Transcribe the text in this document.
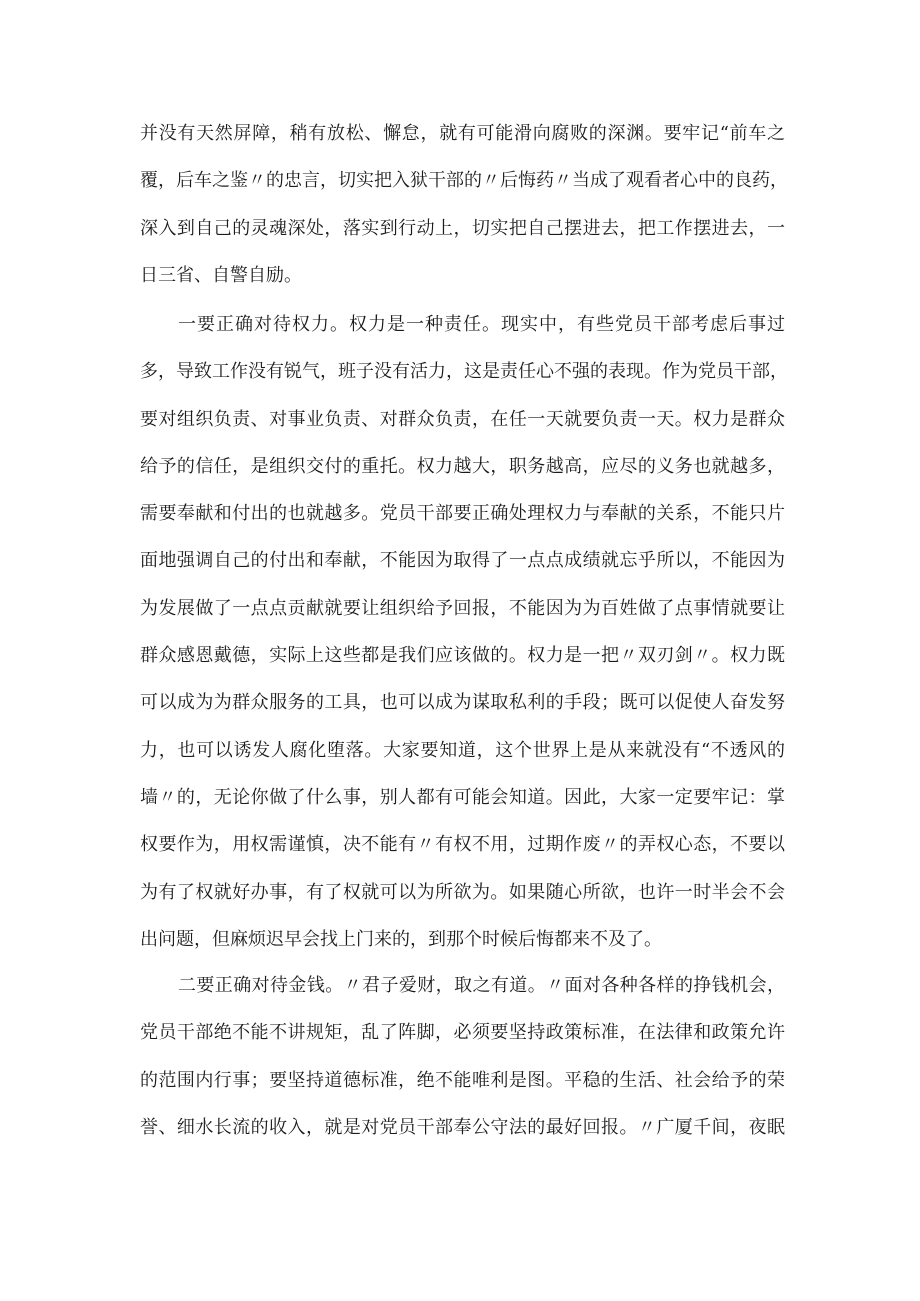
并没有天然屏障，稍有放松、懈怠，就有可能滑向腐败的深渊。要牢记“前车之
覆，后车之鉴〃的忠言，切实把入狱干部的〃后悔药〃当成了观看者心中的良药，
深入到自己的灵魂深处，落实到行动上，切实把自己摆进去，把工作摆进去，一
日三省、自警自励。
一要正确对待权力。权力是一种责任。现实中，有些党员干部考虑后事过
多，导致工作没有锐气，班子没有活力，这是责任心不强的表现。作为党员干部，
要对组织负责、对事业负责、对群众负责，在任一天就要负责一天。权力是群众
给予的信任，是组织交付的重托。权力越大，职务越高，应尽的义务也就越多，
需要奉献和付出的也就越多。党员干部要正确处理权力与奉献的关系，不能只片
面地强调自己的付出和奉献，不能因为取得了一点点成绩就忘乎所以，不能因为
为发展做了一点点贡献就要让组织给予回报，不能因为为百姓做了点事情就要让
群众感恩戴德，实际上这些都是我们应该做的。权力是一把〃双刃剑〃。权力既
可以成为为群众服务的工具，也可以成为谋取私利的手段；既可以促使人奋发努
力，也可以诱发人腐化堕落。大家要知道，这个世界上是从来就没有“不透风的
墙〃的，无论你做了什么事，别人都有可能会知道。因此，大家一定要牢记：掌
权要作为，用权需谨慎，决不能有〃有权不用，过期作废〃的弄权心态，不要以
为有了权就好办事，有了权就可以为所欲为。如果随心所欲，也许一时半会不会
出问题，但麻烦迟早会找上门来的，到那个时候后悔都来不及了。
二要正确对待金钱。〃君子爱财，取之有道。〃面对各种各样的挣钱机会，
党员干部绝不能不讲规矩，乱了阵脚，必须要坚持政策标准，在法律和政策允许
的范围内行事；要坚持道德标准，绝不能唯利是图。平稳的生活、社会给予的荣
誉、细水长流的收入，就是对党员干部奉公守法的最好回报。〃广厦千间，夜眠
